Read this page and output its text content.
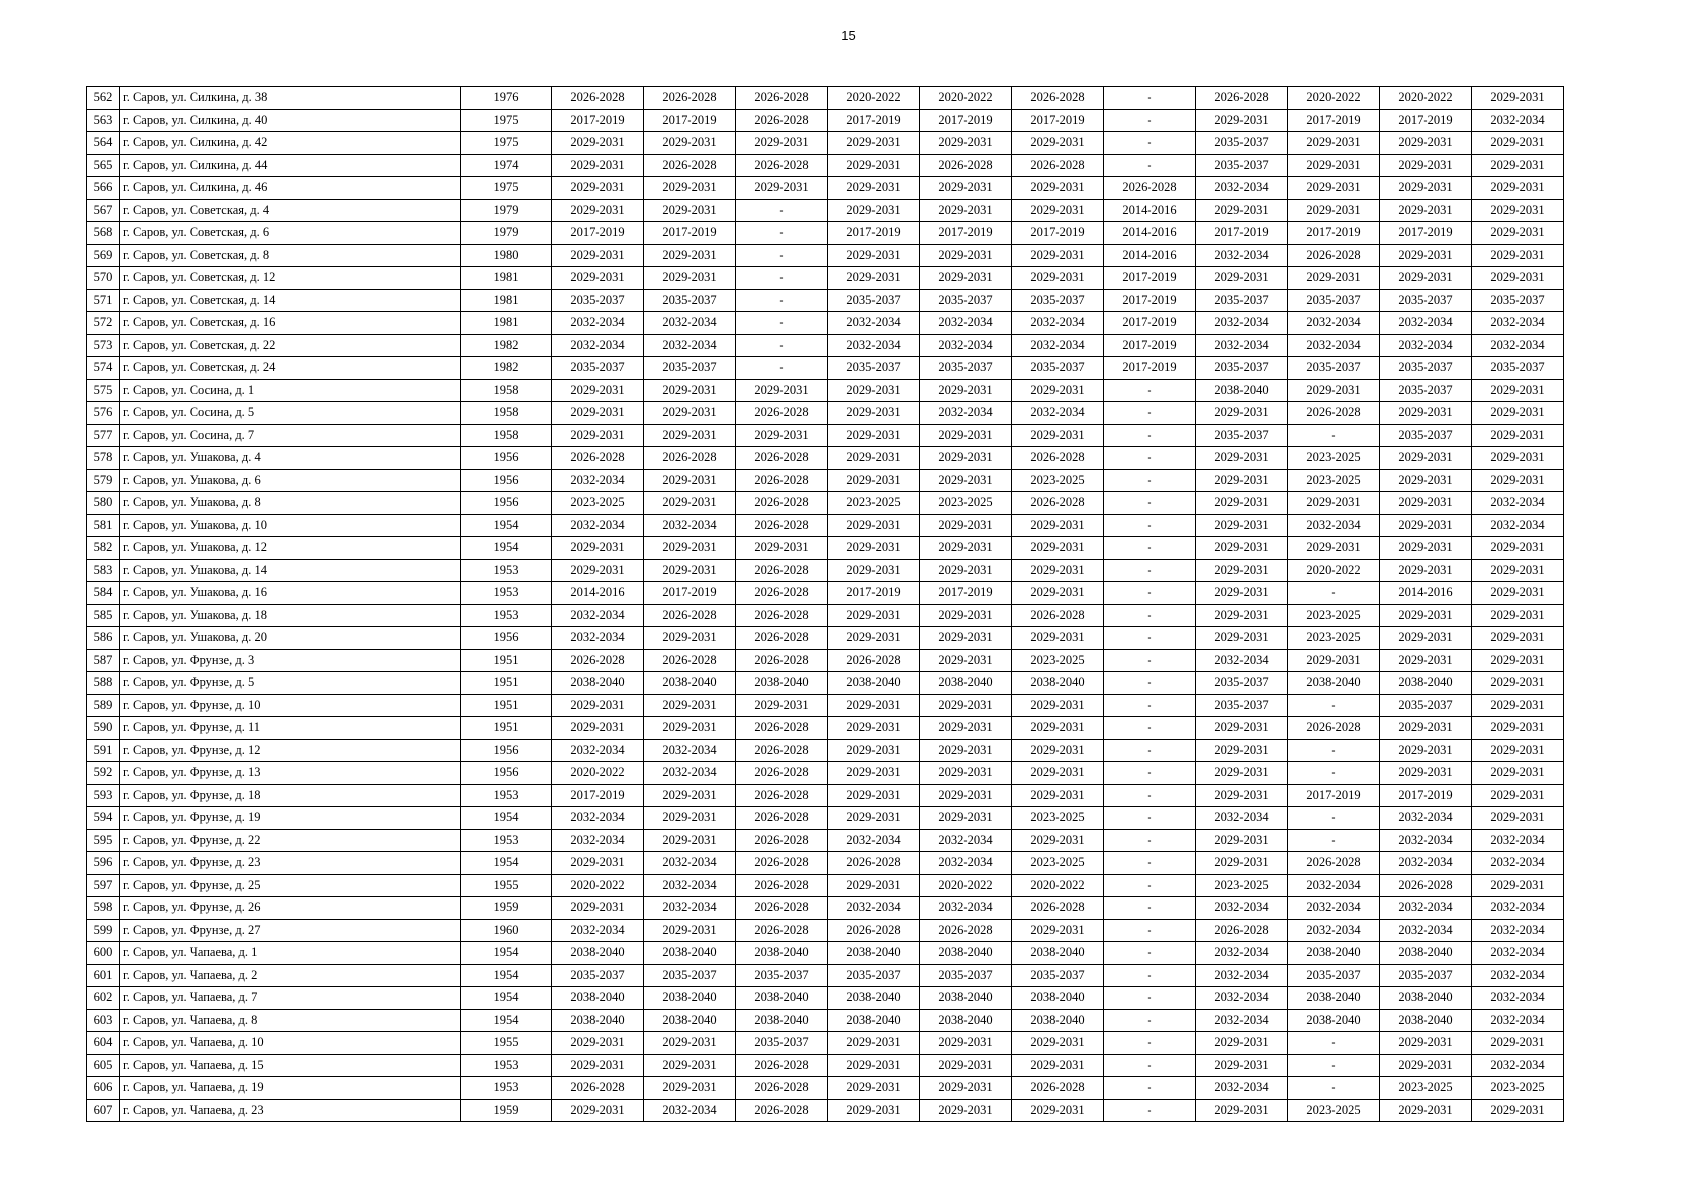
15
562	г. Саров, ул. Силкина, д. 38	1976	2026-2028	2026-2028	2026-2028	2020-2022	2020-2022	2026-2028	-	2026-2028	2020-2022	2020-2022	2029-2031
563	г. Саров, ул. Силкина, д. 40	1975	2017-2019	2017-2019	2026-2028	2017-2019	2017-2019	2017-2019	-	2029-2031	2017-2019	2017-2019	2032-2034
564	г. Саров, ул. Силкина, д. 42	1975	2029-2031	2029-2031	2029-2031	2029-2031	2029-2031	2029-2031	-	2035-2037	2029-2031	2029-2031	2029-2031
565	г. Саров, ул. Силкина, д. 44	1974	2029-2031	2026-2028	2026-2028	2029-2031	2026-2028	2026-2028	-	2035-2037	2029-2031	2029-2031	2029-2031
566	г. Саров, ул. Силкина, д. 46	1975	2029-2031	2029-2031	2029-2031	2029-2031	2029-2031	2029-2031	2026-2028	2032-2034	2029-2031	2029-2031	2029-2031
567	г. Саров, ул. Советская, д. 4	1979	2029-2031	2029-2031	-	2029-2031	2029-2031	2029-2031	2014-2016	2029-2031	2029-2031	2029-2031	2029-2031
568	г. Саров, ул. Советская, д. 6	1979	2017-2019	2017-2019	-	2017-2019	2017-2019	2017-2019	2014-2016	2017-2019	2017-2019	2017-2019	2029-2031
569	г. Саров, ул. Советская, д. 8	1980	2029-2031	2029-2031	-	2029-2031	2029-2031	2029-2031	2014-2016	2032-2034	2026-2028	2029-2031	2029-2031
570	г. Саров, ул. Советская, д. 12	1981	2029-2031	2029-2031	-	2029-2031	2029-2031	2029-2031	2017-2019	2029-2031	2029-2031	2029-2031	2029-2031
571	г. Саров, ул. Советская, д. 14	1981	2035-2037	2035-2037	-	2035-2037	2035-2037	2035-2037	2017-2019	2035-2037	2035-2037	2035-2037	2035-2037
572	г. Саров, ул. Советская, д. 16	1981	2032-2034	2032-2034	-	2032-2034	2032-2034	2032-2034	2017-2019	2032-2034	2032-2034	2032-2034	2032-2034
573	г. Саров, ул. Советская, д. 22	1982	2032-2034	2032-2034	-	2032-2034	2032-2034	2032-2034	2017-2019	2032-2034	2032-2034	2032-2034	2032-2034
574	г. Саров, ул. Советская, д. 24	1982	2035-2037	2035-2037	-	2035-2037	2035-2037	2035-2037	2017-2019	2035-2037	2035-2037	2035-2037	2035-2037
575	г. Саров, ул. Сосина, д. 1	1958	2029-2031	2029-2031	2029-2031	2029-2031	2029-2031	2029-2031	-	2038-2040	2029-2031	2035-2037	2029-2031
576	г. Саров, ул. Сосина, д. 5	1958	2029-2031	2029-2031	2026-2028	2029-2031	2032-2034	2032-2034	-	2029-2031	2026-2028	2029-2031	2029-2031
577	г. Саров, ул. Сосина, д. 7	1958	2029-2031	2029-2031	2029-2031	2029-2031	2029-2031	2029-2031	-	2035-2037	-	2035-2037	2029-2031
578	г. Саров, ул. Ушакова, д. 4	1956	2026-2028	2026-2028	2026-2028	2029-2031	2029-2031	2026-2028	-	2029-2031	2023-2025	2029-2031	2029-2031
579	г. Саров, ул. Ушакова, д. 6	1956	2032-2034	2029-2031	2026-2028	2029-2031	2029-2031	2023-2025	-	2029-2031	2023-2025	2029-2031	2029-2031
580	г. Саров, ул. Ушакова, д. 8	1956	2023-2025	2029-2031	2026-2028	2023-2025	2023-2025	2026-2028	-	2029-2031	2029-2031	2029-2031	2032-2034
581	г. Саров, ул. Ушакова, д. 10	1954	2032-2034	2032-2034	2026-2028	2029-2031	2029-2031	2029-2031	-	2029-2031	2032-2034	2029-2031	2032-2034
582	г. Саров, ул. Ушакова, д. 12	1954	2029-2031	2029-2031	2029-2031	2029-2031	2029-2031	2029-2031	-	2029-2031	2029-2031	2029-2031	2029-2031
583	г. Саров, ул. Ушакова, д. 14	1953	2029-2031	2029-2031	2026-2028	2029-2031	2029-2031	2029-2031	-	2029-2031	2020-2022	2029-2031	2029-2031
584	г. Саров, ул. Ушакова, д. 16	1953	2014-2016	2017-2019	2026-2028	2017-2019	2017-2019	2029-2031	-	2029-2031	-	2014-2016	2029-2031
585	г. Саров, ул. Ушакова, д. 18	1953	2032-2034	2026-2028	2026-2028	2029-2031	2029-2031	2026-2028	-	2029-2031	2023-2025	2029-2031	2029-2031
586	г. Саров, ул. Ушакова, д. 20	1956	2032-2034	2029-2031	2026-2028	2029-2031	2029-2031	2029-2031	-	2029-2031	2023-2025	2029-2031	2029-2031
587	г. Саров, ул. Фрунзе, д. 3	1951	2026-2028	2026-2028	2026-2028	2026-2028	2029-2031	2023-2025	-	2032-2034	2029-2031	2029-2031	2029-2031
588	г. Саров, ул. Фрунзе, д. 5	1951	2038-2040	2038-2040	2038-2040	2038-2040	2038-2040	2038-2040	-	2035-2037	2038-2040	2038-2040	2029-2031
589	г. Саров, ул. Фрунзе, д. 10	1951	2029-2031	2029-2031	2029-2031	2029-2031	2029-2031	2029-2031	-	2035-2037	-	2035-2037	2029-2031
590	г. Саров, ул. Фрунзе, д. 11	1951	2029-2031	2029-2031	2026-2028	2029-2031	2029-2031	2029-2031	-	2029-2031	2026-2028	2029-2031	2029-2031
591	г. Саров, ул. Фрунзе, д. 12	1956	2032-2034	2032-2034	2026-2028	2029-2031	2029-2031	2029-2031	-	2029-2031	-	2029-2031	2029-2031
592	г. Саров, ул. Фрунзе, д. 13	1956	2020-2022	2032-2034	2026-2028	2029-2031	2029-2031	2029-2031	-	2029-2031	-	2029-2031	2029-2031
593	г. Саров, ул. Фрунзе, д. 18	1953	2017-2019	2029-2031	2026-2028	2029-2031	2029-2031	2029-2031	-	2029-2031	2017-2019	2017-2019	2029-2031
594	г. Саров, ул. Фрунзе, д. 19	1954	2032-2034	2029-2031	2026-2028	2029-2031	2029-2031	2023-2025	-	2032-2034	-	2032-2034	2029-2031
595	г. Саров, ул. Фрунзе, д. 22	1953	2032-2034	2029-2031	2026-2028	2032-2034	2032-2034	2029-2031	-	2029-2031	-	2032-2034	2032-2034
596	г. Саров, ул. Фрунзе, д. 23	1954	2029-2031	2032-2034	2026-2028	2026-2028	2032-2034	2023-2025	-	2029-2031	2026-2028	2032-2034	2032-2034
597	г. Саров, ул. Фрунзе, д. 25	1955	2020-2022	2032-2034	2026-2028	2029-2031	2020-2022	2020-2022	-	2023-2025	2032-2034	2026-2028	2029-2031
598	г. Саров, ул. Фрунзе, д. 26	1959	2029-2031	2032-2034	2026-2028	2032-2034	2032-2034	2026-2028	-	2032-2034	2032-2034	2032-2034	2032-2034
599	г. Саров, ул. Фрунзе, д. 27	1960	2032-2034	2029-2031	2026-2028	2026-2028	2026-2028	2029-2031	-	2026-2028	2032-2034	2032-2034	2032-2034
600	г. Саров, ул. Чапаева, д. 1	1954	2038-2040	2038-2040	2038-2040	2038-2040	2038-2040	2038-2040	-	2032-2034	2038-2040	2038-2040	2032-2034
601	г. Саров, ул. Чапаева, д. 2	1954	2035-2037	2035-2037	2035-2037	2035-2037	2035-2037	2035-2037	-	2032-2034	2035-2037	2035-2037	2032-2034
602	г. Саров, ул. Чапаева, д. 7	1954	2038-2040	2038-2040	2038-2040	2038-2040	2038-2040	2038-2040	-	2032-2034	2038-2040	2038-2040	2032-2034
603	г. Саров, ул. Чапаева, д. 8	1954	2038-2040	2038-2040	2038-2040	2038-2040	2038-2040	2038-2040	-	2032-2034	2038-2040	2038-2040	2032-2034
604	г. Саров, ул. Чапаева, д. 10	1955	2029-2031	2029-2031	2035-2037	2029-2031	2029-2031	2029-2031	-	2029-2031	-	2029-2031	2029-2031
605	г. Саров, ул. Чапаева, д. 15	1953	2029-2031	2029-2031	2026-2028	2029-2031	2029-2031	2029-2031	-	2029-2031	-	2029-2031	2032-2034
606	г. Саров, ул. Чапаева, д. 19	1953	2026-2028	2029-2031	2026-2028	2029-2031	2029-2031	2026-2028	-	2032-2034	-	2023-2025	2023-2025
607	г. Саров, ул. Чапаева, д. 23	1959	2029-2031	2032-2034	2026-2028	2029-2031	2029-2031	2029-2031	-	2029-2031	2023-2025	2029-2031	2029-2031
